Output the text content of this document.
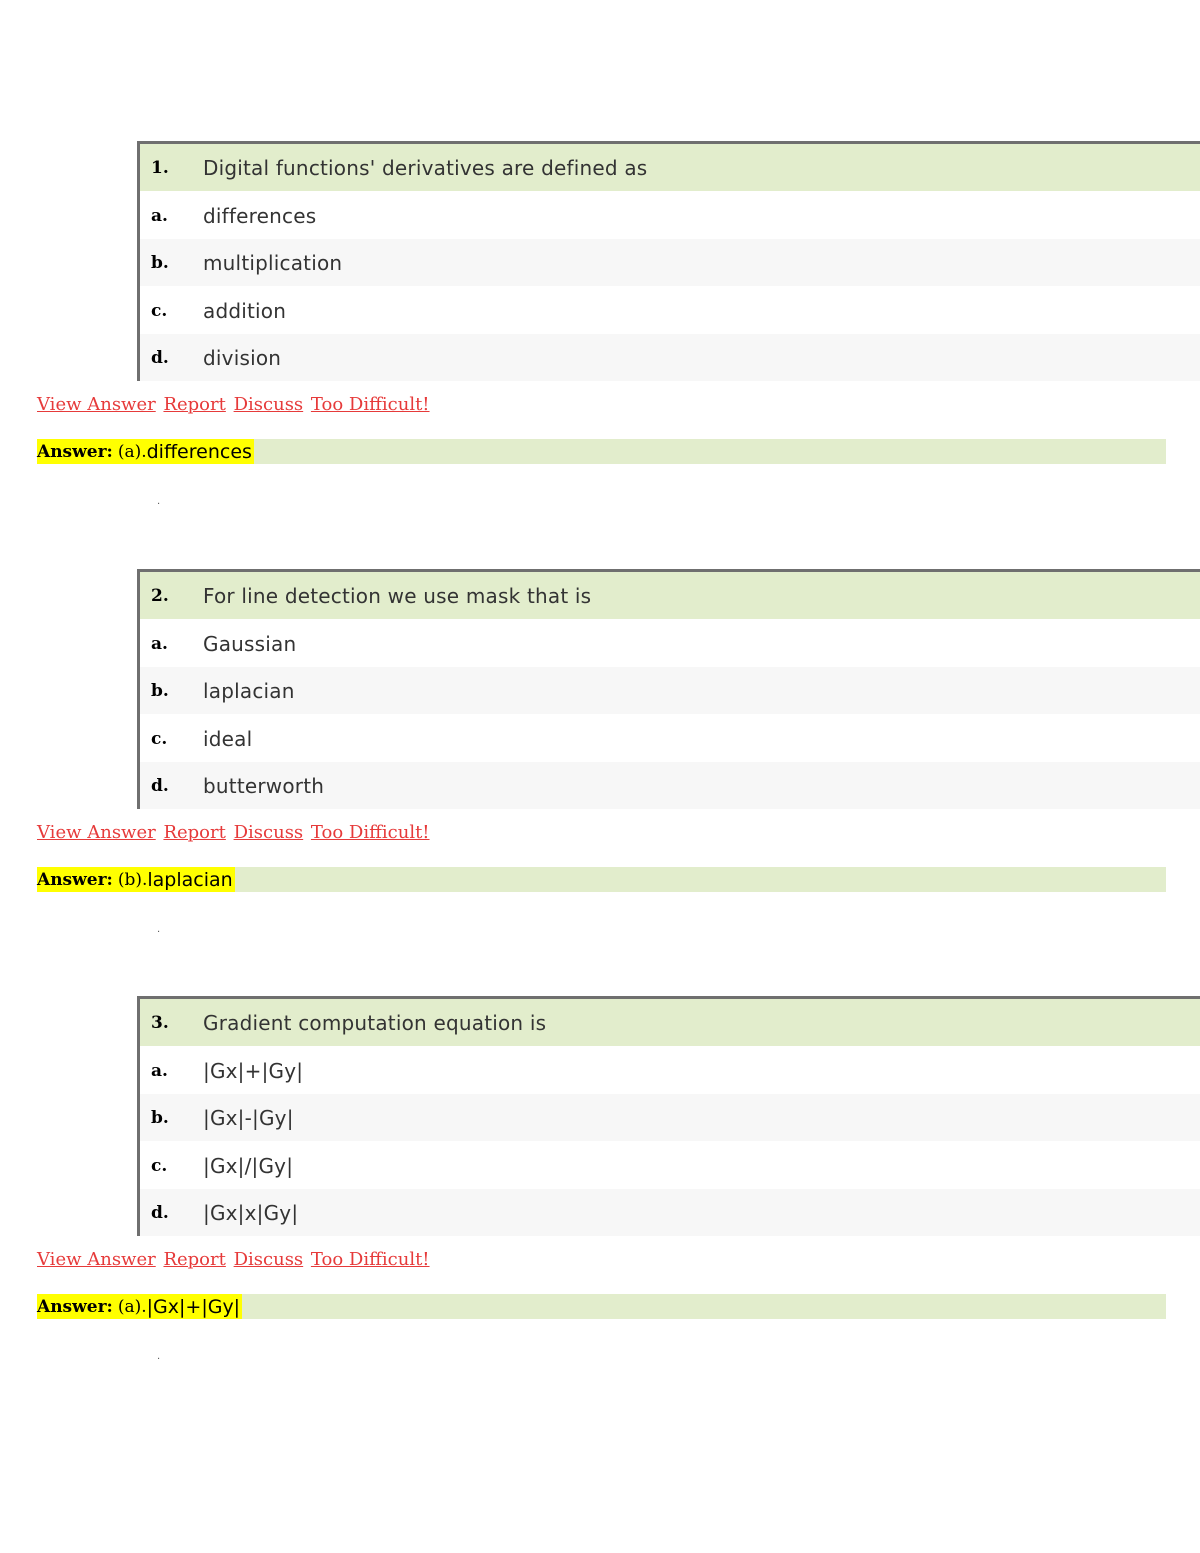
1.	Digital functions' derivatives are defined as
a.	differences
b.	multiplication
c.	addition
d.	division
View Answer Report Discuss Too Difficult!
Answer: (a). differences
.
2.	For line detection we use mask that is
a.	Gaussian
b.	laplacian
c.	ideal
d.	butterworth
View Answer Report Discuss Too Difficult!
Answer: (b). laplacian
.
3.	Gradient computation equation is
a.	|Gx|+|Gy|
b.	|Gx|-|Gy|
c.	|Gx|/|Gy|
d.	|Gx|x|Gy|
View Answer Report Discuss Too Difficult!
Answer: (a). |Gx|+|Gy|
.
